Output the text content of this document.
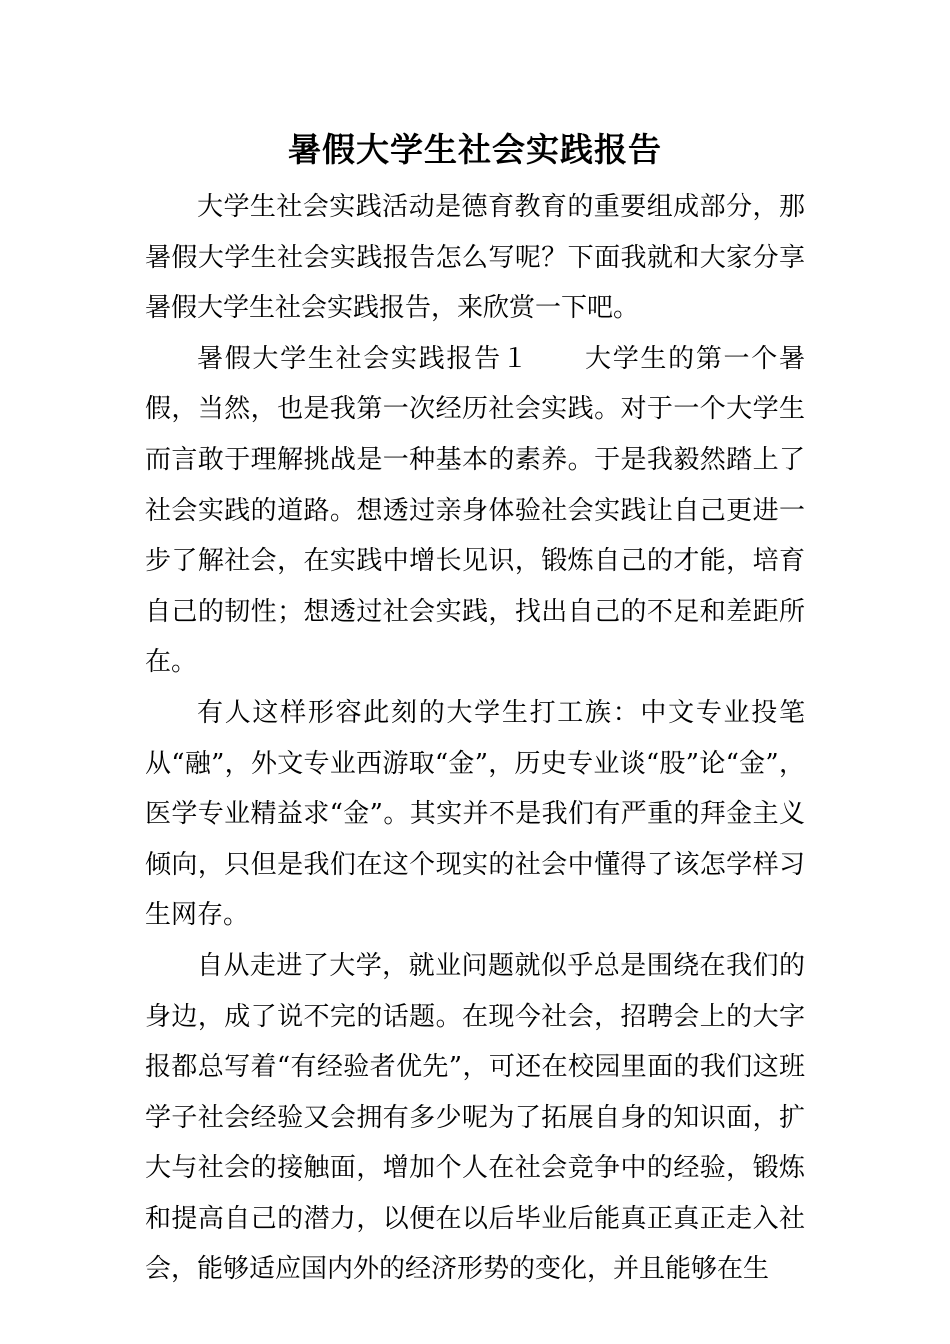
暑假大学生社会实践报告

大学生社会实践活动是德育教育的重要组成部分，那暑假大学生社会实践报告怎么写呢？下面我就和大家分享暑假大学生社会实践报告，来欣赏一下吧。

暑假大学生社会实践报告１　　大学生的第一个暑假，当然，也是我第一次经历社会实践。对于一个大学生而言敢于理解挑战是一种基本的素养。于是我毅然踏上了社会实践的道路。想透过亲身体验社会实践让自己更进一步了解社会，在实践中增长见识，锻炼自己的才能，培育自己的韧性；想透过社会实践，找出自己的不足和差距所在。

有人这样形容此刻的大学生打工族：中文专业投笔从“融”，外文专业西游取“金”，历史专业谈“股”论“金”，医学专业精益求“金”。其实并不是我们有严重的拜金主义倾向，只但是我们在这个现实的社会中懂得了该怎学样习生网存。

自从走进了大学，就业问题就似乎总是围绕在我们的身边，成了说不完的话题。在现今社会，招聘会上的大字报都总写着“有经验者优先”，可还在校园里面的我们这班学子社会经验又会拥有多少呢为了拓展自身的知识面，扩大与社会的接触面，增加个人在社会竞争中的经验，锻炼和提高自己的潜力，以便在以后毕业后能真正真正走入社会，能够适应国内外的经济形势的变化，并且能够在生
